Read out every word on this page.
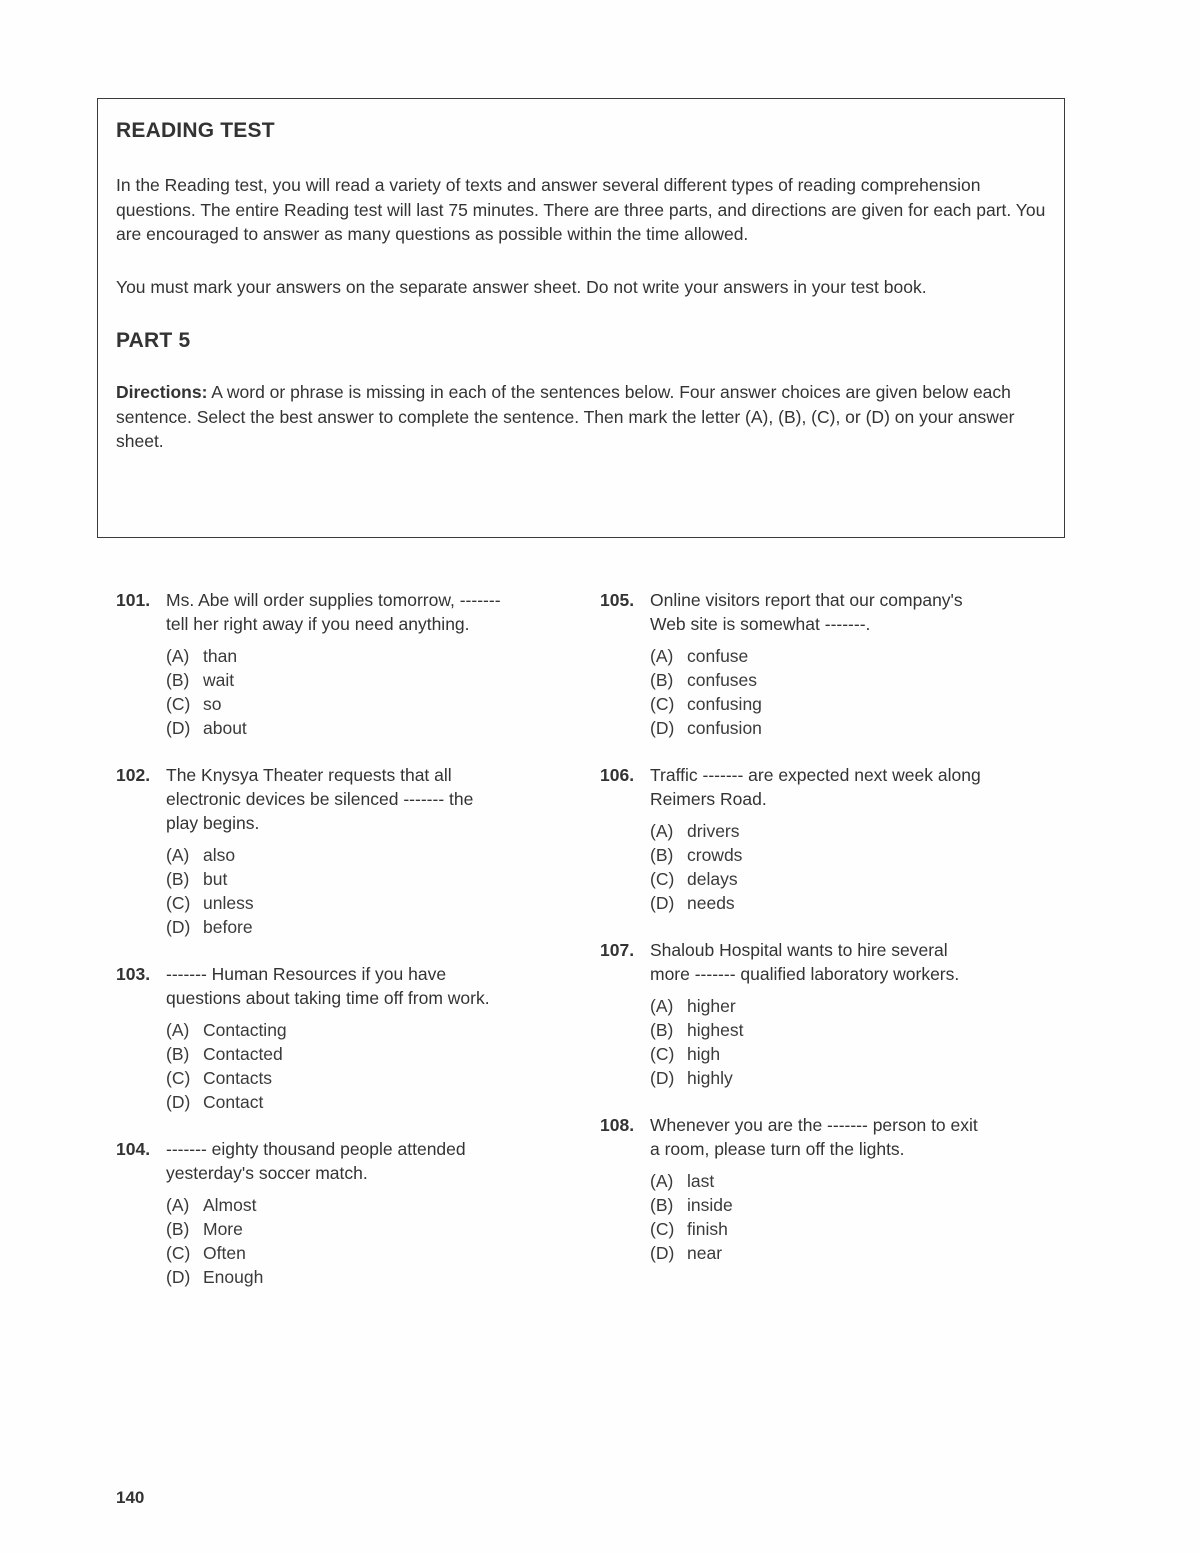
READING TEST

In the Reading test, you will read a variety of texts and answer several different types of reading comprehension questions. The entire Reading test will last 75 minutes. There are three parts, and directions are given for each part. You are encouraged to answer as many questions as possible within the time allowed.

You must mark your answers on the separate answer sheet. Do not write your answers in your test book.

PART 5

Directions: A word or phrase is missing in each of the sentences below. Four answer choices are given below each sentence. Select the best answer to complete the sentence. Then mark the letter (A), (B), (C), or (D) on your answer sheet.

101. Ms. Abe will order supplies tomorrow, -------
tell her right away if you need anything.

(A) than
(B) wait
(C) so
(D) about
102. The Knysya Theater requests that all
electronic devices be silenced ------- the
play begins.

(A) also
(B) but
(C) unless
(D) before
103. ------- Human Resources if you have
questions about taking time off from work.

(A) Contacting
(B) Contacted
(C) Contacts
(D) Contact
104. ------- eighty thousand people attended
yesterday's soccer match.

(A) Almost
(B) More
(C) Often
(D) Enough
105. Online visitors report that our company's
Web site is somewhat -------.

(A) confuse
(B) confuses
(C) confusing
(D) confusion
106. Traffic ------- are expected next week along
Reimers Road.

(A) drivers
(B) crowds
(C) delays
(D) needs
107. Shaloub Hospital wants to hire several
more ------- qualified laboratory workers.

(A) higher
(B) highest
(C) high
(D) highly
108. Whenever you are the ------- person to exit
a room, please turn off the lights.

(A) last
(B) inside
(C) finish
(D) near
140
